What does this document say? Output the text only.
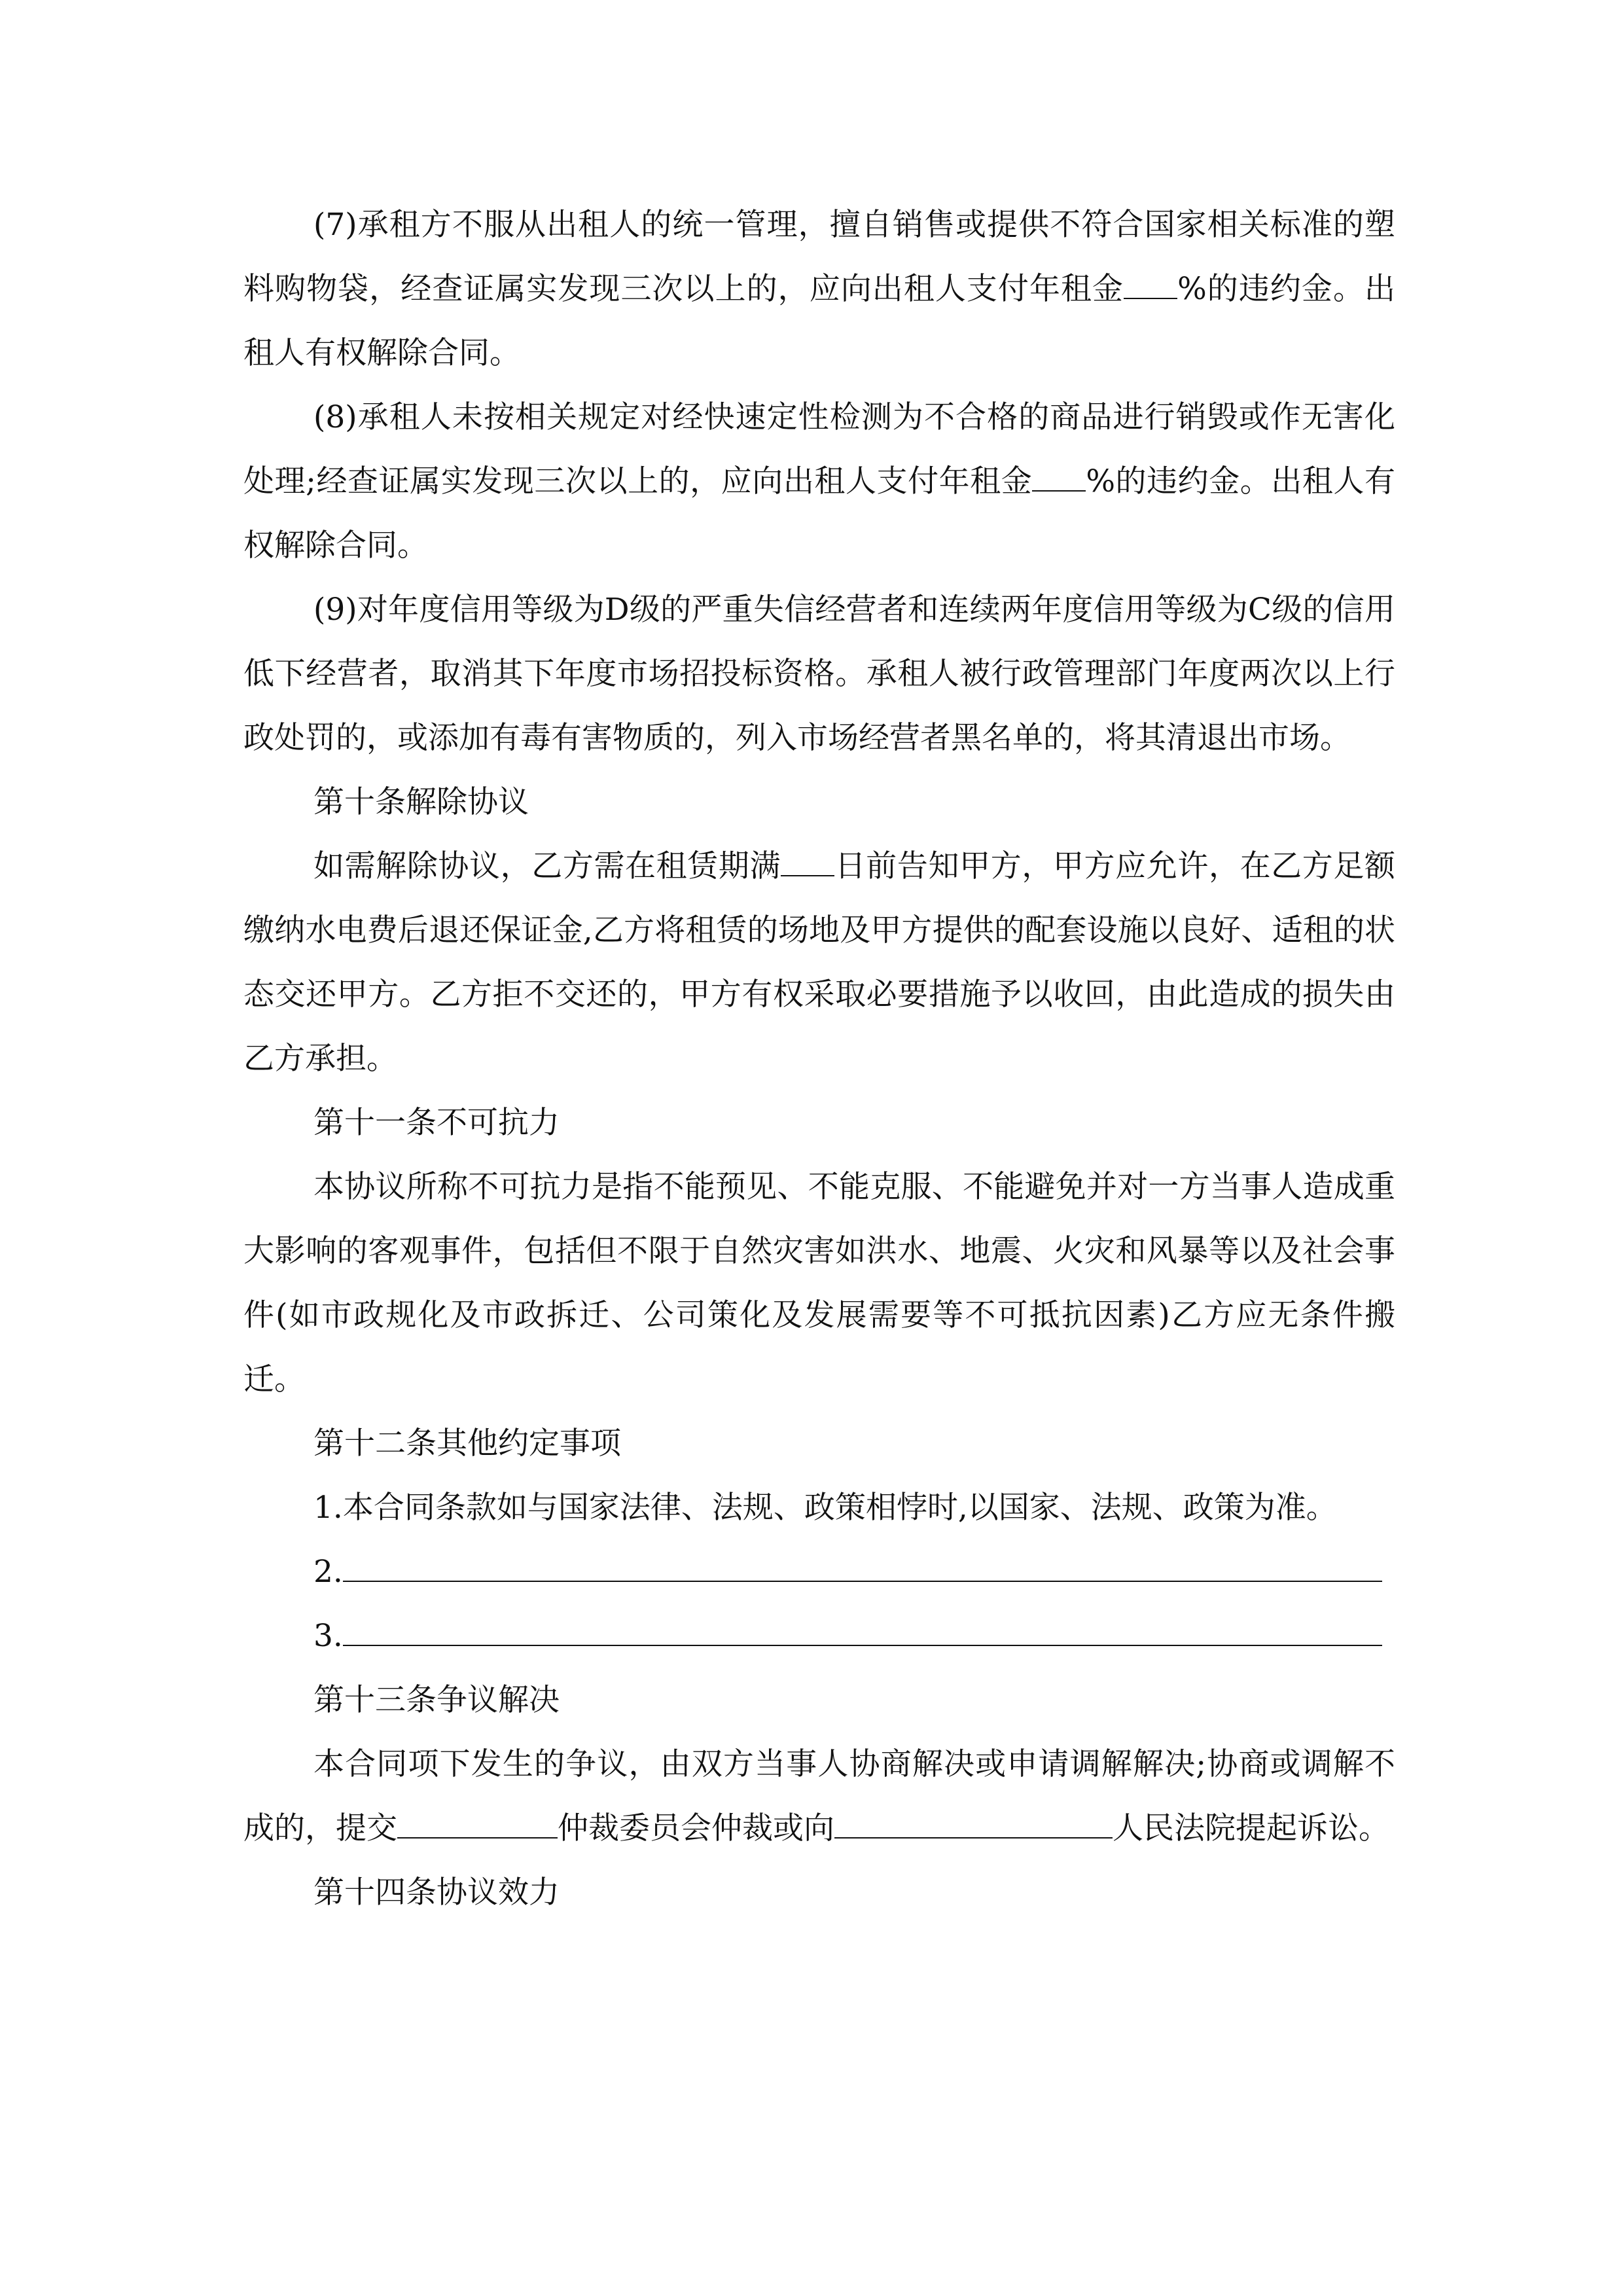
(7)承租方不服从出租人的统一管理，擅自销售或提供不符合国家相关标准的塑料购物袋，经查证属实发现三次以上的，应向出租人支付年租金 %的违约金。出租人有权解除合同。

(8)承租人未按相关规定对经快速定性检测为不合格的商品进行销毁或作无害化处理;经查证属实发现三次以上的，应向出租人支付年租金 %的违约金。出租人有权解除合同。

(9)对年度信用等级为D级的严重失信经营者和连续两年度信用等级为C级的信用低下经营者，取消其下年度市场招投标资格。承租人被行政管理部门年度两次以上行政处罚的，或添加有毒有害物质的，列入市场经营者黑名单的，将其清退出市场。

第十条解除协议

如需解除协议，乙方需在租赁期满 日前告知甲方，甲方应允许，在乙方足额缴纳水电费后退还保证金,乙方将租赁的场地及甲方提供的配套设施以良好、适租的状态交还甲方。乙方拒不交还的，甲方有权采取必要措施予以收回，由此造成的损失由乙方承担。

第十一条不可抗力

本协议所称不可抗力是指不能预见、不能克服、不能避免并对一方当事人造成重大影响的客观事件，包括但不限于自然灾害如洪水、地震、火灾和风暴等以及社会事件(如市政规化及市政拆迁、公司策化及发展需要等不可抵抗因素)乙方应无条件搬迁。

第十二条其他约定事项

1.本合同条款如与国家法律、法规、政策相悖时,以国家、法规、政策为准。

2.
3.

第十三条争议解决

本合同项下发生的争议，由双方当事人协商解决或申请调解解决;协商或调解不成的，提交	仲裁委员会仲裁或向	人民法院提起诉讼。

第十四条协议效力
